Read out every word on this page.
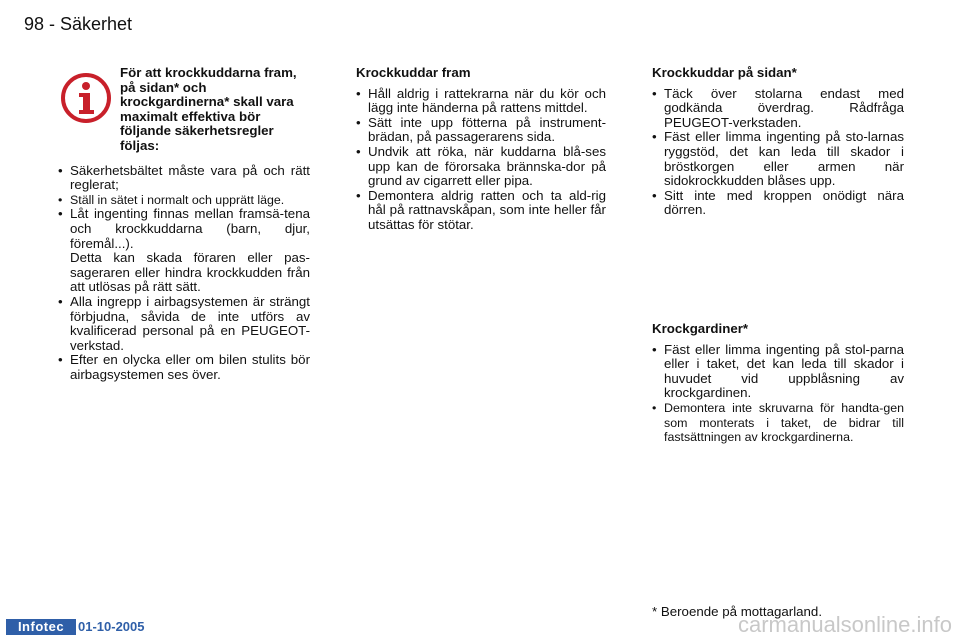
98 - Säkerhet
För att krockkuddarna fram, på sidan* och krockgardinerna* skall vara maximalt effektiva bör följande säkerhetsregler följas:
• Säkerhetsbältet måste vara på och rätt reglerat;
• Ställ in sätet i normalt och upprätt läge.
• Låt ingenting finnas mellan framsä-tena och krockkuddarna (barn, djur, föremål...).
Detta kan skada föraren eller pas-sageraren eller hindra krockkudden från att utlösas på rätt sätt.
• Alla ingrepp i airbagsystemen är strängt förbjudna, såvida de inte utförs av kvalificerad personal på en PEUGEOT-verkstad.
• Efter en olycka eller om bilen stulits bör airbagsystemen ses över.
Krockkuddar fram
• Håll aldrig i rattekrarna när du kör och lägg inte händerna på rattens mittdel.
• Sätt inte upp fötterna på instrument-brädan, på passagerarens sida.
• Undvik att röka, när kuddarna blå-ses upp kan de förorsaka brännska-dor på grund av cigarrett eller pipa.
• Demontera aldrig ratten och ta ald-rig hål på rattnavskåpan, som inte heller får utsättas för stötar.
Krockkuddar på sidan*
• Täck över stolarna endast med godkända överdrag. Rådfråga PEUGEOT-verkstaden.
• Fäst eller limma ingenting på sto-larnas ryggstöd, det kan leda till skador i bröstkorgen eller armen när sidokrockkudden blåses upp.
• Sitt inte med kroppen onödigt nära dörren.
Krockgardiner*
• Fäst eller limma ingenting på stol-parna eller i taket, det kan leda till skador i huvudet vid uppblåsning av krockgardinen.
• Demontera inte skruvarna för handta-gen som monterats i taket, de bidrar till fastsättningen av krockgardinerna.
* Beroende på mottagarland.
Infotec	01-10-2005	carmanualsonline.info
